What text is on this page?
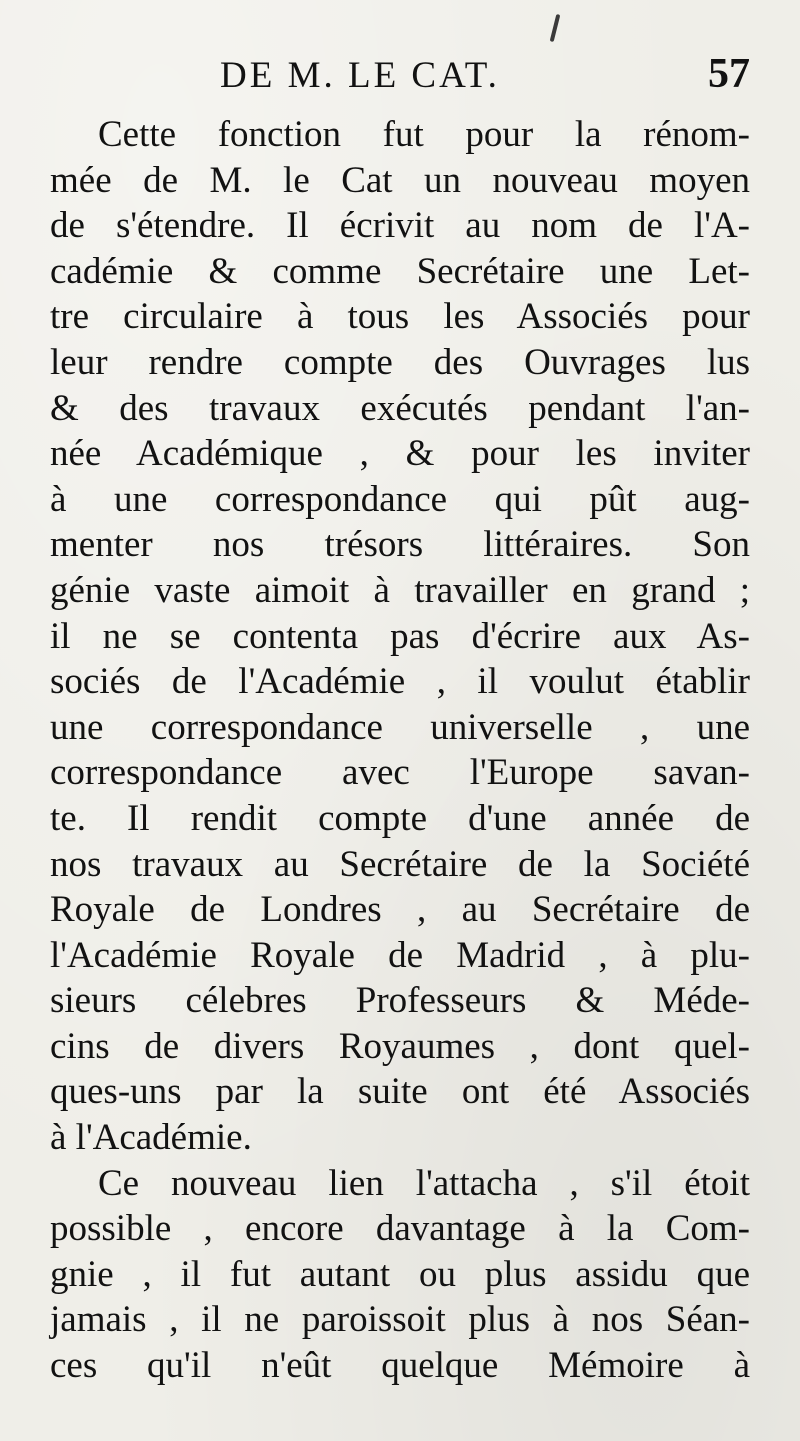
DE M. LE CAT.	57
Cette fonction fut pour la rénom-
mée de M. le Cat un nouveau moyen
de s'étendre. Il écrivit au nom de l'A-
cadémie & comme Secrétaire une Let-
tre circulaire à tous les Associés pour
leur rendre compte des Ouvrages lus
& des travaux exécutés pendant l'an-
née Académique , & pour les inviter
à une correspondance qui pût aug-
menter nos trésors littéraires. Son
génie vaste aimoit à travailler en grand ;
il ne se contenta pas d'écrire aux As-
sociés de l'Académie , il voulut établir
une correspondance universelle , une
correspondance avec l'Europe savan-
te. Il rendit compte d'une année de
nos travaux au Secrétaire de la Société
Royale de Londres , au Secrétaire de
l'Académie Royale de Madrid , à plu-
sieurs célebres Professeurs & Méde-
cins de divers Royaumes , dont quel-
ques-uns par la suite ont été Associés
à l'Académie.
Ce nouveau lien l'attacha , s'il étoit
possible , encore davantage à la Com-
gnie , il fut autant ou plus assidu que
jamais , il ne paroissoit plus à nos Séan-
ces qu'il n'eût quelque Mémoire à
